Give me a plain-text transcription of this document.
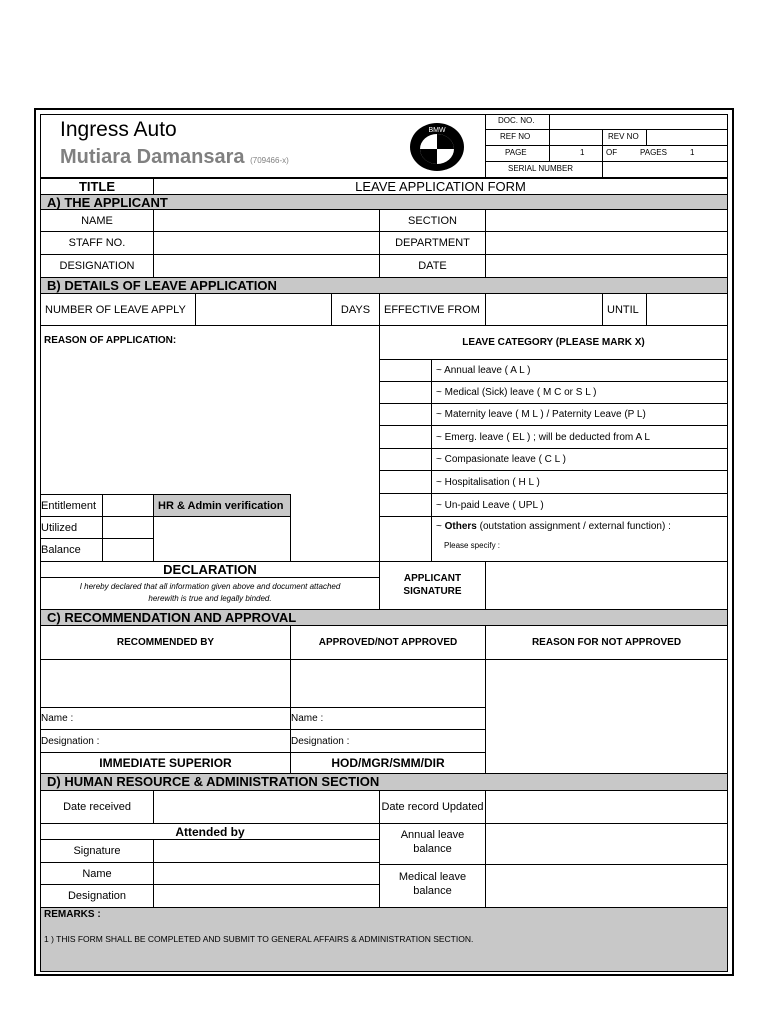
Ingress Auto
Mutiara Damansara (709466-x)
BMW
DOC. NO.
REF NO	REV NO
PAGE	1	OF	PAGES	1
SERIAL NUMBER
TITLE	LEAVE APPLICATION FORM
A) THE APPLICANT
NAME	SECTION
STAFF NO.	DEPARTMENT
DESIGNATION	DATE
B) DETAILS OF LEAVE APPLICATION
NUMBER OF LEAVE APPLY	DAYS	EFFECTIVE FROM	UNTIL
REASON OF APPLICATION:	LEAVE CATEGORY (PLEASE MARK X)
~ Annual leave ( A L )
~ Medical (Sick) leave ( M C or S L )
~ Maternity leave ( M L ) / Paternity Leave (P L)
~ Emerg. leave ( EL ) ; will be deducted from A L
~ Compasionate leave ( C L )
~ Hospitalisation ( H L )
~ Un-paid Leave ( UPL )
~ Others (outstation assignment / external function) :
Please specify :
Entitlement	HR & Admin verification
Utilized
Balance
DECLARATION
I hereby declared that all information given above and document attached
herewith is true and legally binded.
APPLICANT
SIGNATURE
C) RECOMMENDATION AND APPROVAL
RECOMMENDED BY	APPROVED/NOT APPROVED	REASON FOR NOT APPROVED
Name :	Name :
Designation :	Designation :
IMMEDIATE SUPERIOR	HOD/MGR/SMM/DIR
D) HUMAN RESOURCE & ADMINISTRATION SECTION
Date received	Date record Updated
Attended by
Signature
Name
Designation
Annual leave
balance
Medical leave
balance
REMARKS :
1 ) THIS FORM SHALL BE COMPLETED AND SUBMIT TO GENERAL AFFAIRS & ADMINISTRATION SECTION.
